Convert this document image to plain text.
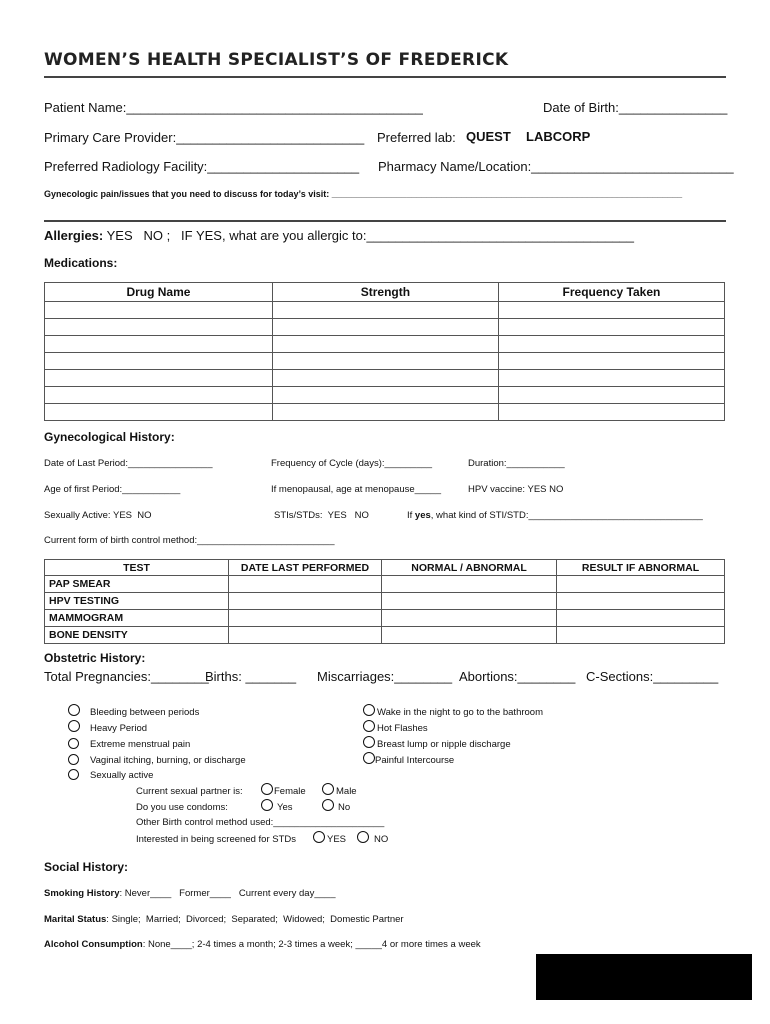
WOMEN’S HEALTH SPECIALIST’S OF FREDERICK
Patient Name:_________________________________________	Date of Birth:_______________
Primary Care Provider:__________________________ Preferred lab: QUEST LABCORP
Preferred Radiology Facility:_____________________ Pharmacy Name/Location:____________________________
Gynecologic pain/issues that you need to discuss for today’s visit: ______________________________________________________________________
Allergies: YES   NO ;   IF YES, what are you allergic to:_____________________________________
Medications:
Drug Name	Strength	Frequency Taken

Gynecological History:
Date of Last Period:________________	Frequency of Cycle (days):_________	Duration:___________
Age of first Period:___________	If menopausal, age at menopause_____	HPV vaccine: YES NO
Sexually Active: YES  NO	STIs/STDs:  YES   NO	If yes, what kind of STI/STD:_________________________________
Current form of birth control method:__________________________
TEST	DATE LAST PERFORMED	NORMAL / ABNORMAL	RESULT IF ABNORMAL
PAP SMEAR			
HPV TESTING			
MAMMOGRAM			
BONE DENSITY			
Obstetric History:
Total Pregnancies:________
Births: _______ Miscarriages:________ Abortions:________ C-Sections:_________
Bleeding between periods
Heavy Period
Extreme menstrual pain
Vaginal itching, burning, or discharge
Sexually active
Wake in the night to go to the bathroom
Hot Flashes
Breast lump or nipple discharge
Painful Intercourse
Current sexual partner is:	Female	Male
Do you use condoms:	Yes	No
Other Birth control method used:_____________________
Interested in being screened for STDs	YES	NO
Social History:
Smoking History: Never____   Former____   Current every day____
Marital Status: Single;  Married;  Divorced;  Separated;  Widowed;  Domestic Partner
Alcohol Consumption: None____; 2-4 times a month; 2-3 times a week; _____4 or more times a week
